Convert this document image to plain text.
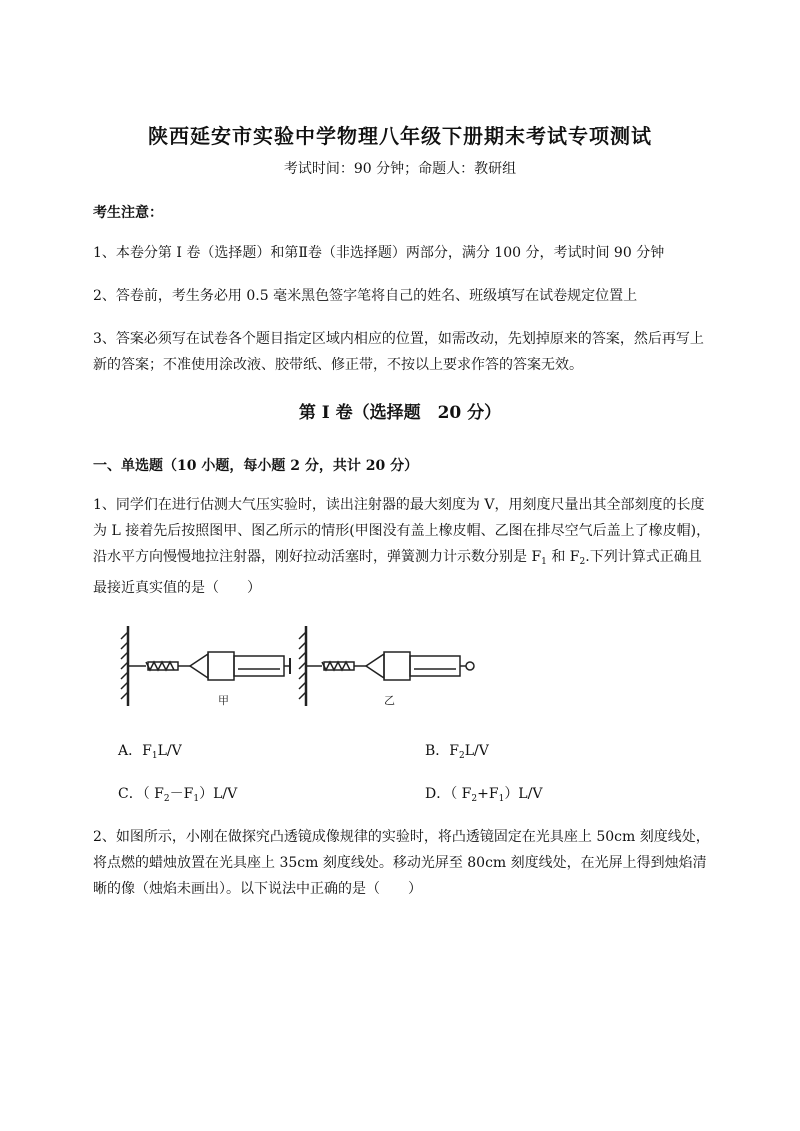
陕西延安市实验中学物理八年级下册期末考试专项测试
考试时间：90 分钟；命题人：教研组
考生注意：
1、本卷分第 I 卷（选择题）和第Ⅱ卷（非选择题）两部分，满分 100 分，考试时间 90 分钟
2、答卷前，考生务必用 0.5 毫米黑色签字笔将自己的姓名、班级填写在试卷规定位置上
3、答案必须写在试卷各个题目指定区域内相应的位置，如需改动，先划掉原来的答案，然后再写上新的答案；不准使用涂改液、胶带纸、修正带，不按以上要求作答的答案无效。
第 I 卷（选择题　20 分）
一、单选题（10 小题，每小题 2 分，共计 20 分）
1、同学们在进行估测大气压实验时，读出注射器的最大刻度为 V，用刻度尺量出其全部刻度的长度为 L 接着先后按照图甲、图乙所示的情形(甲图没有盖上橡皮帽、乙图在排尽空气后盖上了橡皮帽)，沿水平方向慢慢地拉注射器，刚好拉动活塞时，弹簧测力计示数分别是 $F_1$ 和 $F_2$.下列计算式正确且最接近真实值的是（　　）
甲	乙
A．$F_1L/V$	B．$F_2L/V$
C．（ $F_2-F_1)L/V$	D．（ $F_2+F_1)L/V$
2、如图所示，小刚在做探究凸透镜成像规律的实验时，将凸透镜固定在光具座上 50cm 刻度线处，将点燃的蜡烛放置在光具座上 35cm 刻度线处。移动光屏至 80cm 刻度线处，在光屏上得到烛焰清晰的像（烛焰未画出）。以下说法中正确的是（　　）
